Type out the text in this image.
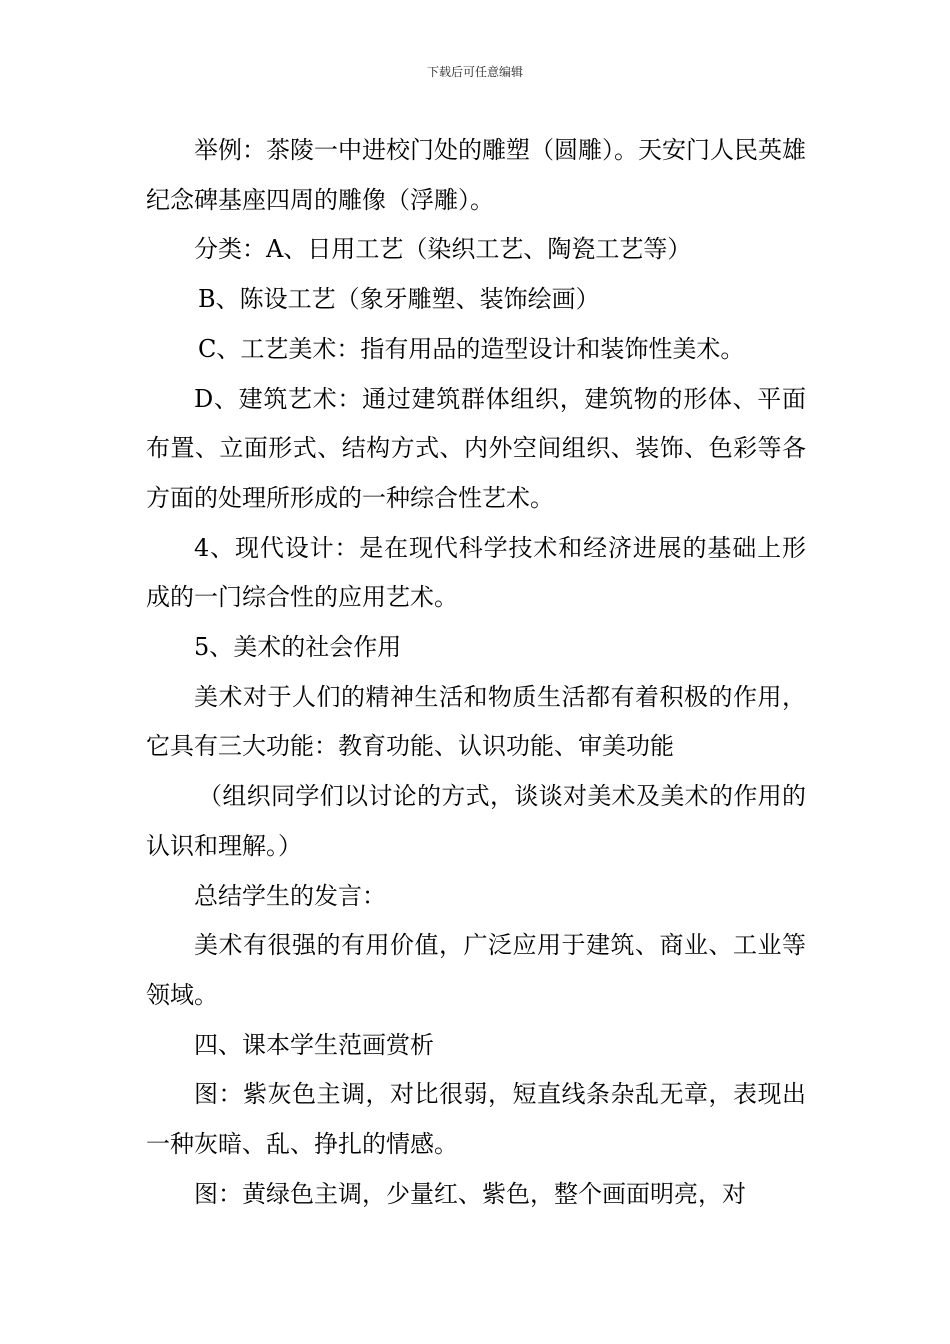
下载后可任意编辑

举例：茶陵一中进校门处的雕塑（圆雕）。天安门人民英雄纪念碑基座四周的雕像（浮雕）。

分类：A、日用工艺（染织工艺、陶瓷工艺等）

B、陈设工艺（象牙雕塑、装饰绘画）

C、工艺美术：指有用品的造型设计和装饰性美术。

D、建筑艺术：通过建筑群体组织，建筑物的形体、平面布置、立面形式、结构方式、内外空间组织、装饰、色彩等各方面的处理所形成的一种综合性艺术。

4、现代设计：是在现代科学技术和经济进展的基础上形成的一门综合性的应用艺术。

5、美术的社会作用

美术对于人们的精神生活和物质生活都有着积极的作用，它具有三大功能：教育功能、认识功能、审美功能

（组织同学们以讨论的方式，谈谈对美术及美术的作用的认识和理解。）

总结学生的发言：

美术有很强的有用价值，广泛应用于建筑、商业、工业等领域。

四、课本学生范画赏析

图：紫灰色主调，对比很弱，短直线条杂乱无章，表现出一种灰暗、乱、挣扎的情感。

图：黄绿色主调，少量红、紫色，整个画面明亮，对
